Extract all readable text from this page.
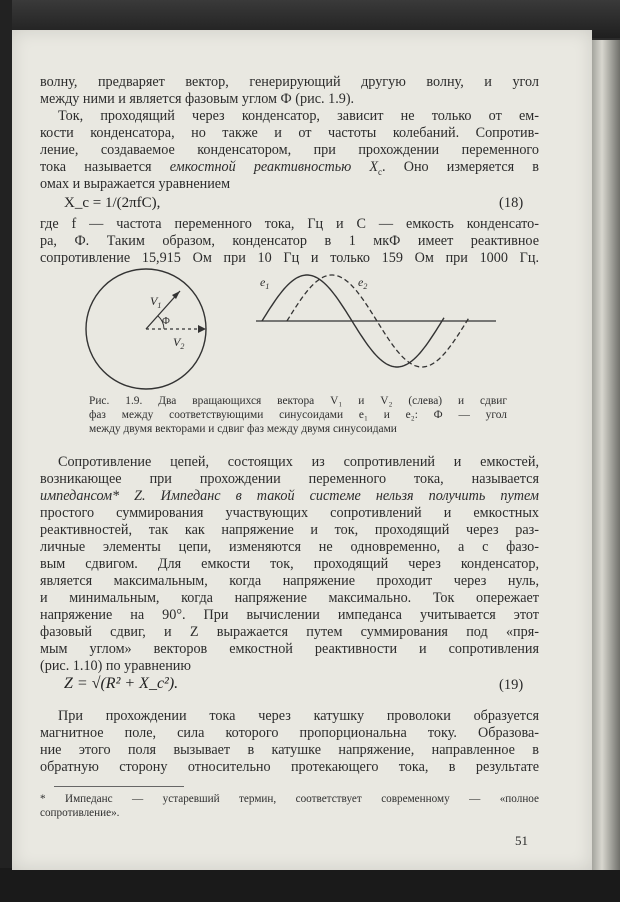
волну, предваряет вектор, генерирующий другую волну, и угол
между ними и является фазовым углом Ф (рис. 1.9).
Ток, проходящий через конденсатор, зависит не только от ем-
кости конденсатора, но также и от частоты колебаний. Сопротив-
ление, создаваемое конденсатором, при прохождении переменного
тока называется емкостной реактивностью $X_c$. Оно измеряется в
омах и выражается уравнением
X_c = 1/(2πfC),	(18)
где f — частота переменного тока, Гц и C — емкость конденсато-
ра, Ф. Таким образом, конденсатор в 1 мкФ имеет реактивное
сопротивление 15,915 Ом при 10 Гц и только 159 Ом при 1000 Гц.
$V_1$
Ф
$V_2$
$e_1$	$e_2$
Рис. 1.9. Два вращающихся вектора V₁ и V₂ (слева) и сдвиг
фаз между соответствующими синусоидами e₁ и e₂: Ф — угол
между двумя векторами и сдвиг фаз между двумя синусоидами
Сопротивление цепей, состоящих из сопротивлений и емкостей,
возникающее при прохождении переменного тока, называется
импедансом* Z. Импеданс в такой системе нельзя получить путем
простого суммирования участвующих сопротивлений и емкостных
реактивностей, так как напряжение и ток, проходящий через раз-
личные элементы цепи, изменяются не одновременно, а с фазо-
вым сдвигом. Для емкости ток, проходящий через конденсатор,
является максимальным, когда напряжение проходит через нуль,
и минимальным, когда напряжение максимально. Ток опережает
напряжение на 90°. При вычислении импеданса учитывается этот
фазовый сдвиг, и Z выражается путем суммирования под «пря-
мым углом» векторов емкостной реактивности и сопротивления
(рис. 1.10) по уравнению
Z = √(R² + X_c²).	(19)
При прохождении тока через катушку проволоки образуется
магнитное поле, сила которого пропорциональна току. Образова-
ние этого поля вызывает в катушке напряжение, направленное в
обратную сторону относительно протекающего тока, в результате
* Импеданс — устаревший термин, соответствует современному — «полное
сопротивление».
51
